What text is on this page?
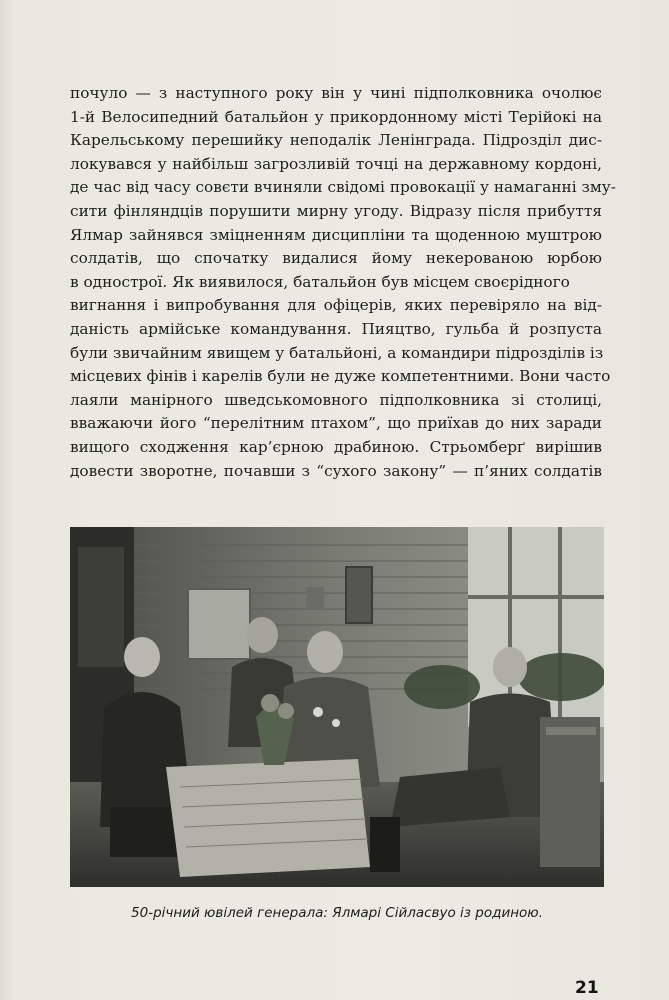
почуло — з наступного року він у чині підполковника очолює
1-й Велосипедний батальйон у прикордонному місті Терійокі на
Карельському перешийку неподалік Ленінграда. Підрозділ дис-
локувався у найбільш загрозливій точці на державному кордоні,
де час від часу совєти вчиняли свідомі провокації у намаганні зму-
сити фінляндців порушити мирну угоду. Відразу після прибуття
Ялмар зайнявся зміцненням дисципліни та щоденною муштрою
солдатів, що спочатку видалися йому некерованою юрбою
в однострої. Як виявилося, батальйон був місцем своєрідного
вигнання і випробування для офіцерів, яких перевіряло на від-
даність армійське командування. Пияцтво, гульба й розпуста
були звичайним явищем у батальйоні, а командири підрозділів із
місцевих фінів і карелів були не дуже компетентними. Вони часто
лаяли манірного шведськомовного підполковника зі столиці,
вважаючи його “перелітним птахом”, що приїхав до них заради
вищого сходження кар’єрною драбиною. Стрьомберґ вирішив
довести зворотне, почавши з “сухого закону” — п’яних солдатів
50-річний ювілей генерала: Ялмарі Сійласвуо із родиною.
21
